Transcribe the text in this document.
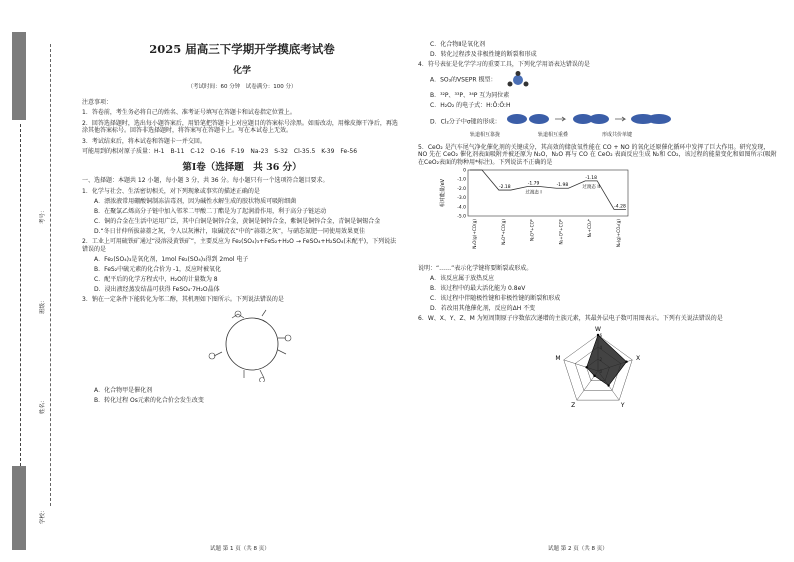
学校：
姓名：
班级：
考号：
2025 届高三下学期开学摸底考试卷
化学
（考试时间：60 分钟　试卷满分：100 分）
注意事项：
1．答卷前，考生务必将自己的姓名、准考证号填写在答题卡和试卷指定位置上。
2．回答选择题时，选出每小题答案后，用铅笔把答题卡上对应题目的答案标号涂黑。如需改动，用橡皮擦干净后，再选涂其他答案标号。回答非选择题时，将答案写在答题卡上。写在本试卷上无效。
3．考试结束后，将本试卷和答题卡一并交回。
可能用到的相对原子质量：H-1　B-11　C-12　O-16　F-19　Na-23　S-32　Cl-35.5　K-39　Fe-56
第Ⅰ卷（选择题　共 36 分）
一、选择题：本题共 12 小题，每小题 3 分，共 36 分。每小题只有一个选项符合题目要求。
1．化学与社会、生活密切相关，对下列现象或事实的描述正确的是
A．漂浓液常用硼酸铜制冻洁毒剂，因为碱性水解生成的胶状物质可吸附细菌
B．在聚氯乙烯高分子链中加入邻苯二甲酸二丁酯是为了起润滑作用，利于高分子链运动
C．铜的合金在生活中运用广泛，其中白铜是铜锌合金，黄铜是铜锌合金，紫铜是铜锌合金，青铜是铜锡合金
D.“冬日甘仲所拔蒜薹之灰，令人以灰淋汁，取碱浣衣”中的“蒜薹之灰”，与硝态氮肥一同使用效果更佳
2．工业上可用硫铁矿通过“浸溶浸黄铁矿”，主要反应为 Fe₂(SO₄)₃+FeS₂+H₂O → FeSO₄+H₂SO₄(未配平)，下列说法错误的是
A．Fe₂(SO₄)₃是氧化剂，1mol Fe₂(SO₄)₃得到 2mol 电子
B．FeS₂中硫元素的化合价为 -1，反应时被氧化
C．配平后的化学方程式中，H₂O的计量数为 8
D．浸出液经蒸发结晶可获得 FeSO₄·7H₂O晶体
3．钠在一定条件下能转化为邻二醇，其机理如下图所示。下列说法错误的是
A．化合物甲是催化剂
B．转化过程 Os元素的化合价会发生改变
试题 第 1 页（共 8 页）
C．化合物Ⅱ是氧化剂
D．转化过程涉及非极性键的断裂和形成
4．符号表征是化学学习的重要工具，下列化学用语表达错误的是
A．SO₃的VSEPR 模型：
B．³²P、³³P、³⁴P 互为同位素
C．H₂O₂ 的电子式：H:Ö:Ö:H
D．Cl₂分子中σ键的形成：
轨道相互靠拢	轨道相互重叠	形成共价单键
5．CeO₂ 是汽车尾气净化催化剂的关键成分，其高效的储放氧性能在 CO + NO 的氧化还原催化循环中发挥了巨大作用。研究发现，NO 先在 CeO₂ 催化剂表面吸附并被还原为 N₂O，N₂O 再与 CO 在 CeO₂ 表面反应生成 N₂和 CO₂，该过程的能量变化和如图所示(吸附在CeO₂表面的物种用*标注)。下列说法不正确的是
相对能量/eV
0
-1.0
-2.0
-3.0
-4.0
-5.0
-2.18
-1.79	-1.98
-1.18
-4.28
过渡态 I
过渡态 II
N₂O(g)+CO(g)	N₂O*+CO(g)	N₂O*+CO*	N₂+O*+CO*	N₂+CO₂*	N₂(g)+CO₂(g)
说明：“……”表示化学键将要断裂或形成。
A．该反应属于放热反应
B．该过程中的最大活化能为 0.8eV
C．该过程中伴随极性键和非极性键的断裂和形成
D．若改用其他催化剂，反应的ΔH 不变
6．W、X、Y、Z、M 为短周期原子序数依次递增的主族元素，其最外层电子数可用图表示。下列有关说法错误的是
W
X
Y
Z
M
6
试题 第 2 页（共 8 页）
